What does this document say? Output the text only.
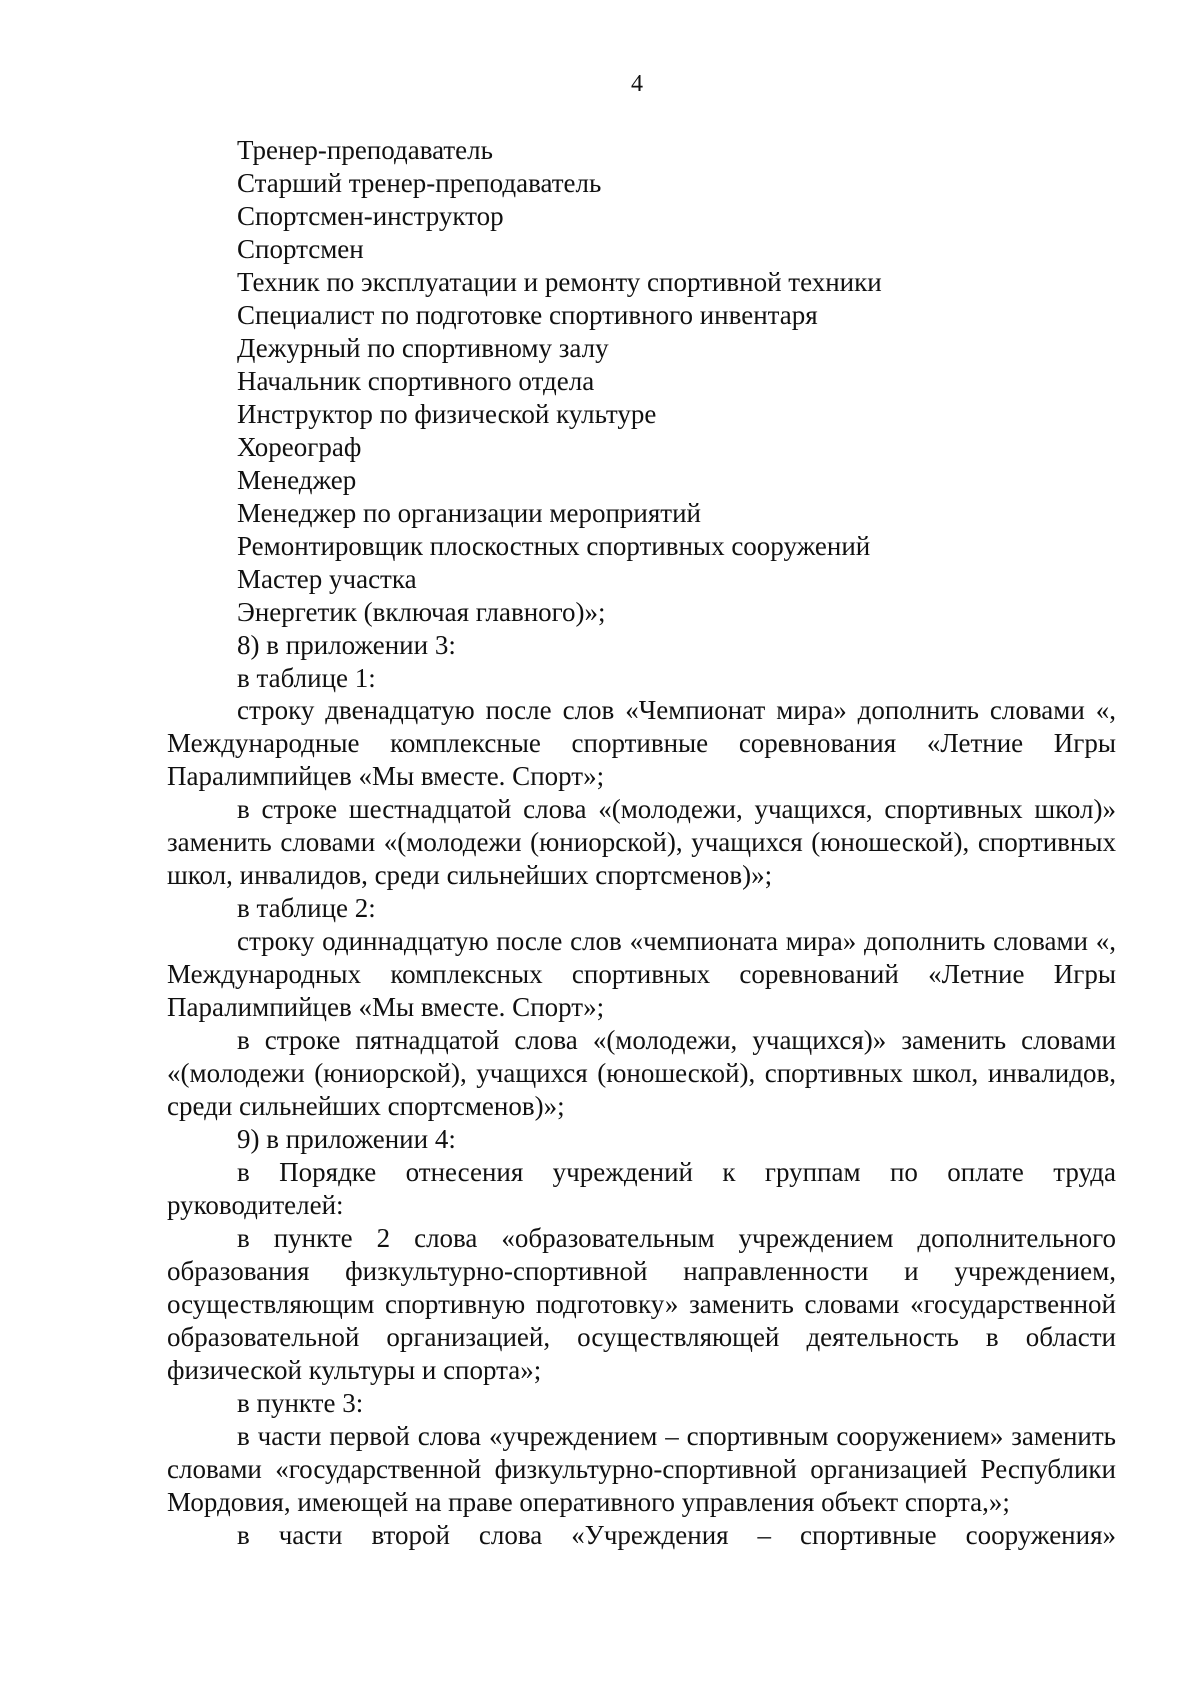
4
Тренер-преподаватель
Старший тренер-преподаватель
Спортсмен-инструктор
Спортсмен
Техник по эксплуатации и ремонту спортивной техники
Специалист по подготовке спортивного инвентаря
Дежурный по спортивному залу
Начальник спортивного отдела
Инструктор по физической культуре
Хореограф
Менеджер
Менеджер по организации мероприятий
Ремонтировщик плоскостных спортивных сооружений
Мастер участка
Энергетик (включая главного)»;
8) в приложении 3:
в таблице 1:

строку двенадцатую после слов «Чемпионат мира» дополнить словами «, Международные комплексные спортивные соревнования «Летние Игры Паралимпийцев «Мы вместе. Спорт»;

в строке шестнадцатой слова «(молодежи, учащихся, спортивных школ)» заменить словами «(молодежи (юниорской), учащихся (юношеской), спортивных школ, инвалидов, среди сильнейших спортсменов)»;

в таблице 2:

строку одиннадцатую после слов «чемпионата мира» дополнить словами «, Международных комплексных спортивных соревнований «Летние Игры Паралимпийцев «Мы вместе. Спорт»;

в строке пятнадцатой слова «(молодежи, учащихся)» заменить словами «(молодежи (юниорской), учащихся (юношеской), спортивных школ, инвалидов, среди сильнейших спортсменов)»;

9) в приложении 4:

в Порядке отнесения учреждений к группам по оплате труда руководителей:

в пункте 2 слова «образовательным учреждением дополнительного образования физкультурно-спортивной направленности и учреждением, осуществляющим спортивную подготовку» заменить словами «государственной образовательной организацией, осуществляющей деятельность в области физической культуры и спорта»;

в пункте 3:

в части первой слова «учреждением – спортивным сооружением» заменить словами «государственной физкультурно-спортивной организацией Республики Мордовия, имеющей на праве оперативного управления объект спорта,»;

в части второй слова «Учреждения – спортивные сооружения»
